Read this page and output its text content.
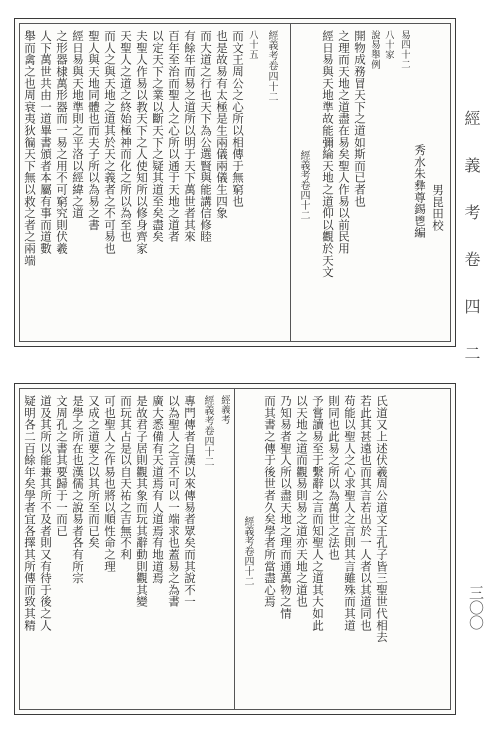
經義考卷四十二
舉而禽之也周衰夷狄徧天下無以救之者之兩端 人下萬世共由一道畢書頒者本屬有事而道數 之形器棣萬形器而一易之用不可窮究則伏羲 經日易與天地準則之平洛以經緯之道 聖人與天地同體也而夫子所以為易之書 而人之與天地之道其於天之義者之不可易也 天聖人之道之終始極神而化之所以為至也 夫聖人作易以教天下之人使知所以修身齊家 以定天下之業以斷天下之疑其道至矣盡矣 百年至治而聖人之心所以通于天地之道者 有餘年而易之道所以明于天下萬世者其來 而大道之行也天下為公選賢與能講信修睦 也是故易有太極是生兩儀兩儀生四象 而文王周公之心所以相傳于無窮也 八十五 經義考卷四十二	經日易與天地準故能彌綸天地之道仰以觀於天文 之理而天地之道盡在易矣聖人作易以前民用 開物成務冒天下之道如斯而已者也 說易舉例 八十家 易四十二
秀水朱彝尊錫鬯編 男昆田校
疑明各二百餘年矣學者宜各擇其所傳而致其精 道及其所以能兼其所不及者則又有待于後之人 文周孔之書其要歸于一而已 是學之所在也漢儒之說易者各有所宗 又成之道要之以其所至而已矣 可也聖人之作易也將以順性命之理 而玩其占是以自天祐之吉無不利 是故君子居則觀其象而玩其辭動則觀其變 廣大悉備有天道焉有人道焉有地道焉 以為聖人之言不可以一端求也蓋易之為書 專門傳者自漢以來傳易者眾矣而其說不一 經義考卷四十二 經義考
經義考卷四十二 而其書之傳于後世者久矣學者所當盡心焉 乃知易者聖人所以盡天地之理而通萬物之情 以天地之道而觀易則易之道亦天地之道也 予嘗讀易至于繫辭之言而知聖人之道其大如此 則同也此易之所以為萬世之法也 苟能以聖人之心求聖人之言則其言雖殊而其道 若此其甚遠也而其言若出於一人者以其道同也 氏道又上述伏羲周公道文王孔子皆三聖世代相去
經 義 考 卷 四 二
三〇〇
